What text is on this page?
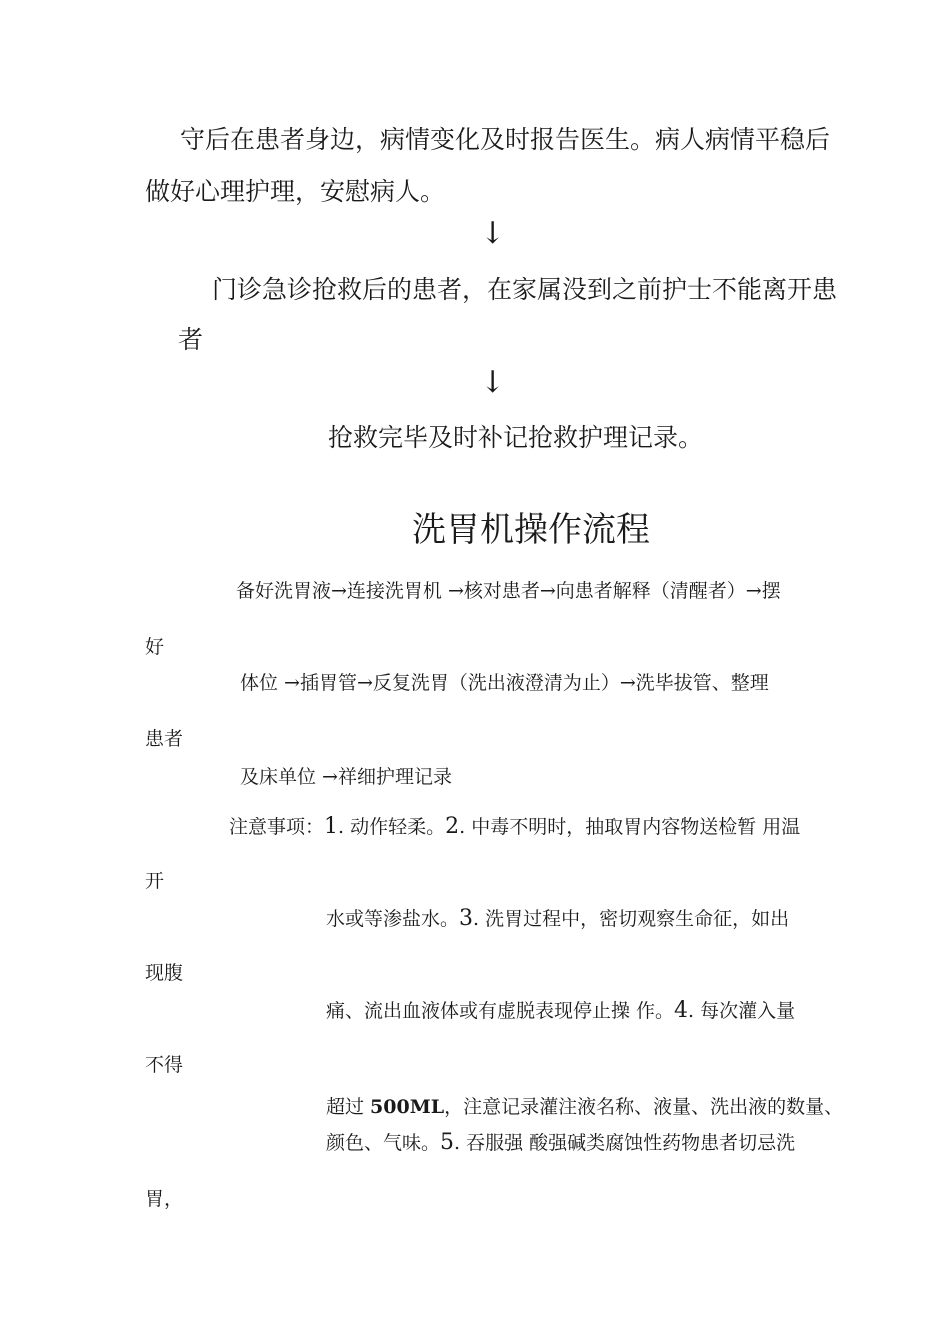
守后在患者身边，病情变化及时报告医生。病人病情平稳后
做好心理护理，安慰病人。
↓
门诊急诊抢救后的患者，在家属没到之前护士不能离开患
者
↓
抢救完毕及时补记抢救护理记录。
洗胃机操作流程
备好洗胃液→连接洗胃机 →核对患者→向患者解释（清醒者）→摆
好
体位 →插胃管→反复洗胃（洗出液澄清为止）→洗毕拔管、整理
患者
及床单位 →祥细护理记录
注意事项：1. 动作轻柔。2. 中毒不明时，抽取胃内容物送检暂 用温
开
水或等渗盐水。3. 洗胃过程中，密切观察生命征，如出
现腹
痛、流出血液体或有虚脱表现停止操 作。4. 每次灌入量
不得
超过 500ML，注意记录灌注液名称、液量、洗出液的数量、
颜色、气味。5. 吞服强 酸强碱类腐蚀性药物患者切忌洗
胃，
